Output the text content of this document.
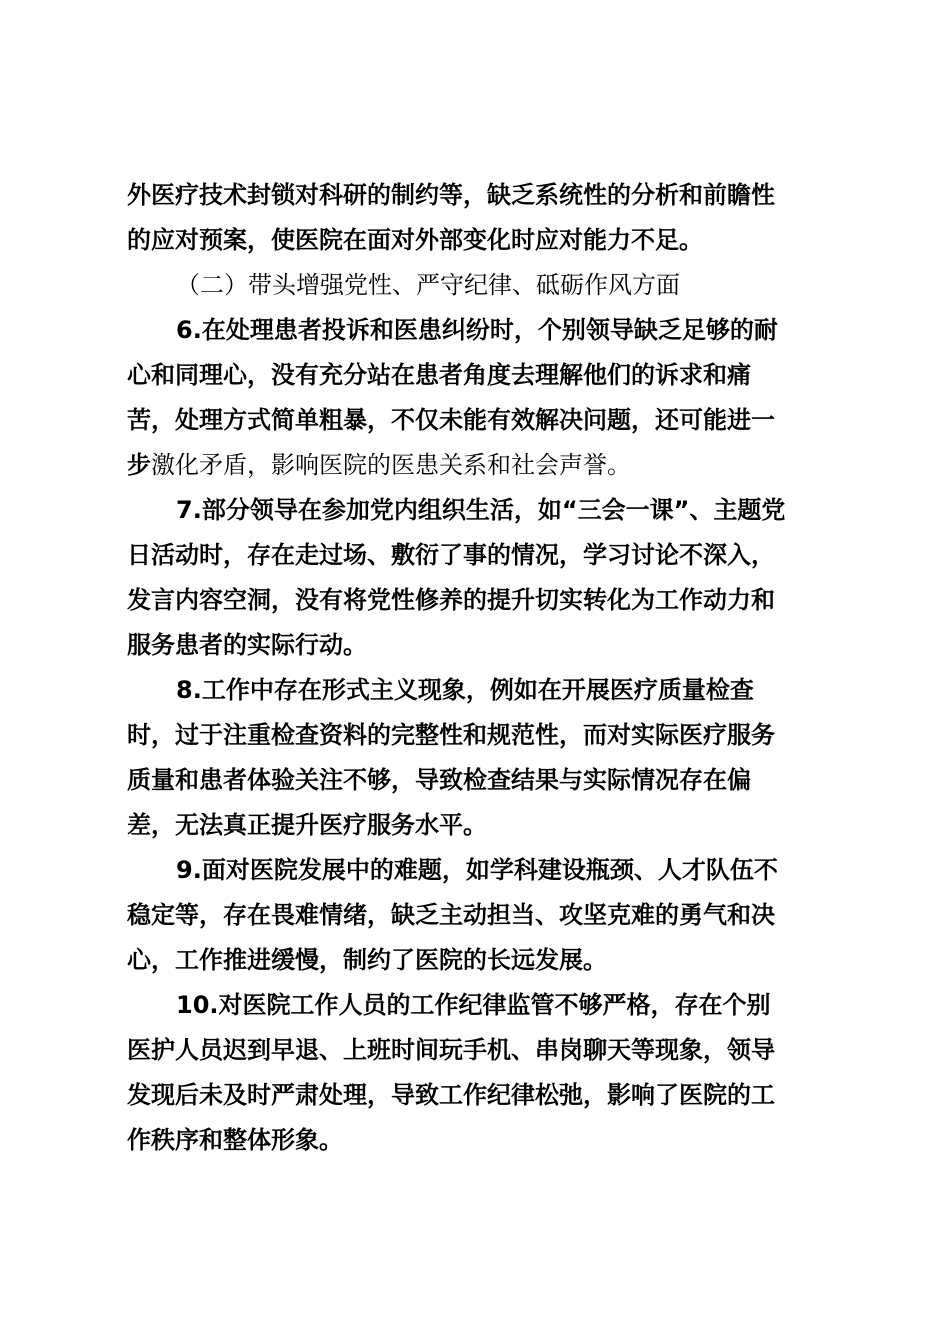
外医疗技术封锁对科研的制约等，缺乏系统性的分析和前瞻性
的应对预案，使医院在面对外部变化时应对能力不足。
（二）带头增强党性、严守纪律、砥砺作风方面
6.在处理患者投诉和医患纠纷时，个别领导缺乏足够的耐
心和同理心，没有充分站在患者角度去理解他们的诉求和痛
苦，处理方式简单粗暴，不仅未能有效解决问题，还可能进一
步激化矛盾，影响医院的医患关系和社会声誉。
7.部分领导在参加党内组织生活，如“三会一课”、主题党
日活动时，存在走过场、敷衍了事的情况，学习讨论不深入，
发言内容空洞，没有将党性修养的提升切实转化为工作动力和
服务患者的实际行动。
8.工作中存在形式主义现象，例如在开展医疗质量检查
时，过于注重检查资料的完整性和规范性，而对实际医疗服务
质量和患者体验关注不够，导致检查结果与实际情况存在偏
差，无法真正提升医疗服务水平。
9.面对医院发展中的难题，如学科建设瓶颈、人才队伍不
稳定等，存在畏难情绪，缺乏主动担当、攻坚克难的勇气和决
心，工作推进缓慢，制约了医院的长远发展。
10.对医院工作人员的工作纪律监管不够严格，存在个别
医护人员迟到早退、上班时间玩手机、串岗聊天等现象，领导
发现后未及时严肃处理，导致工作纪律松弛，影响了医院的工
作秩序和整体形象。
